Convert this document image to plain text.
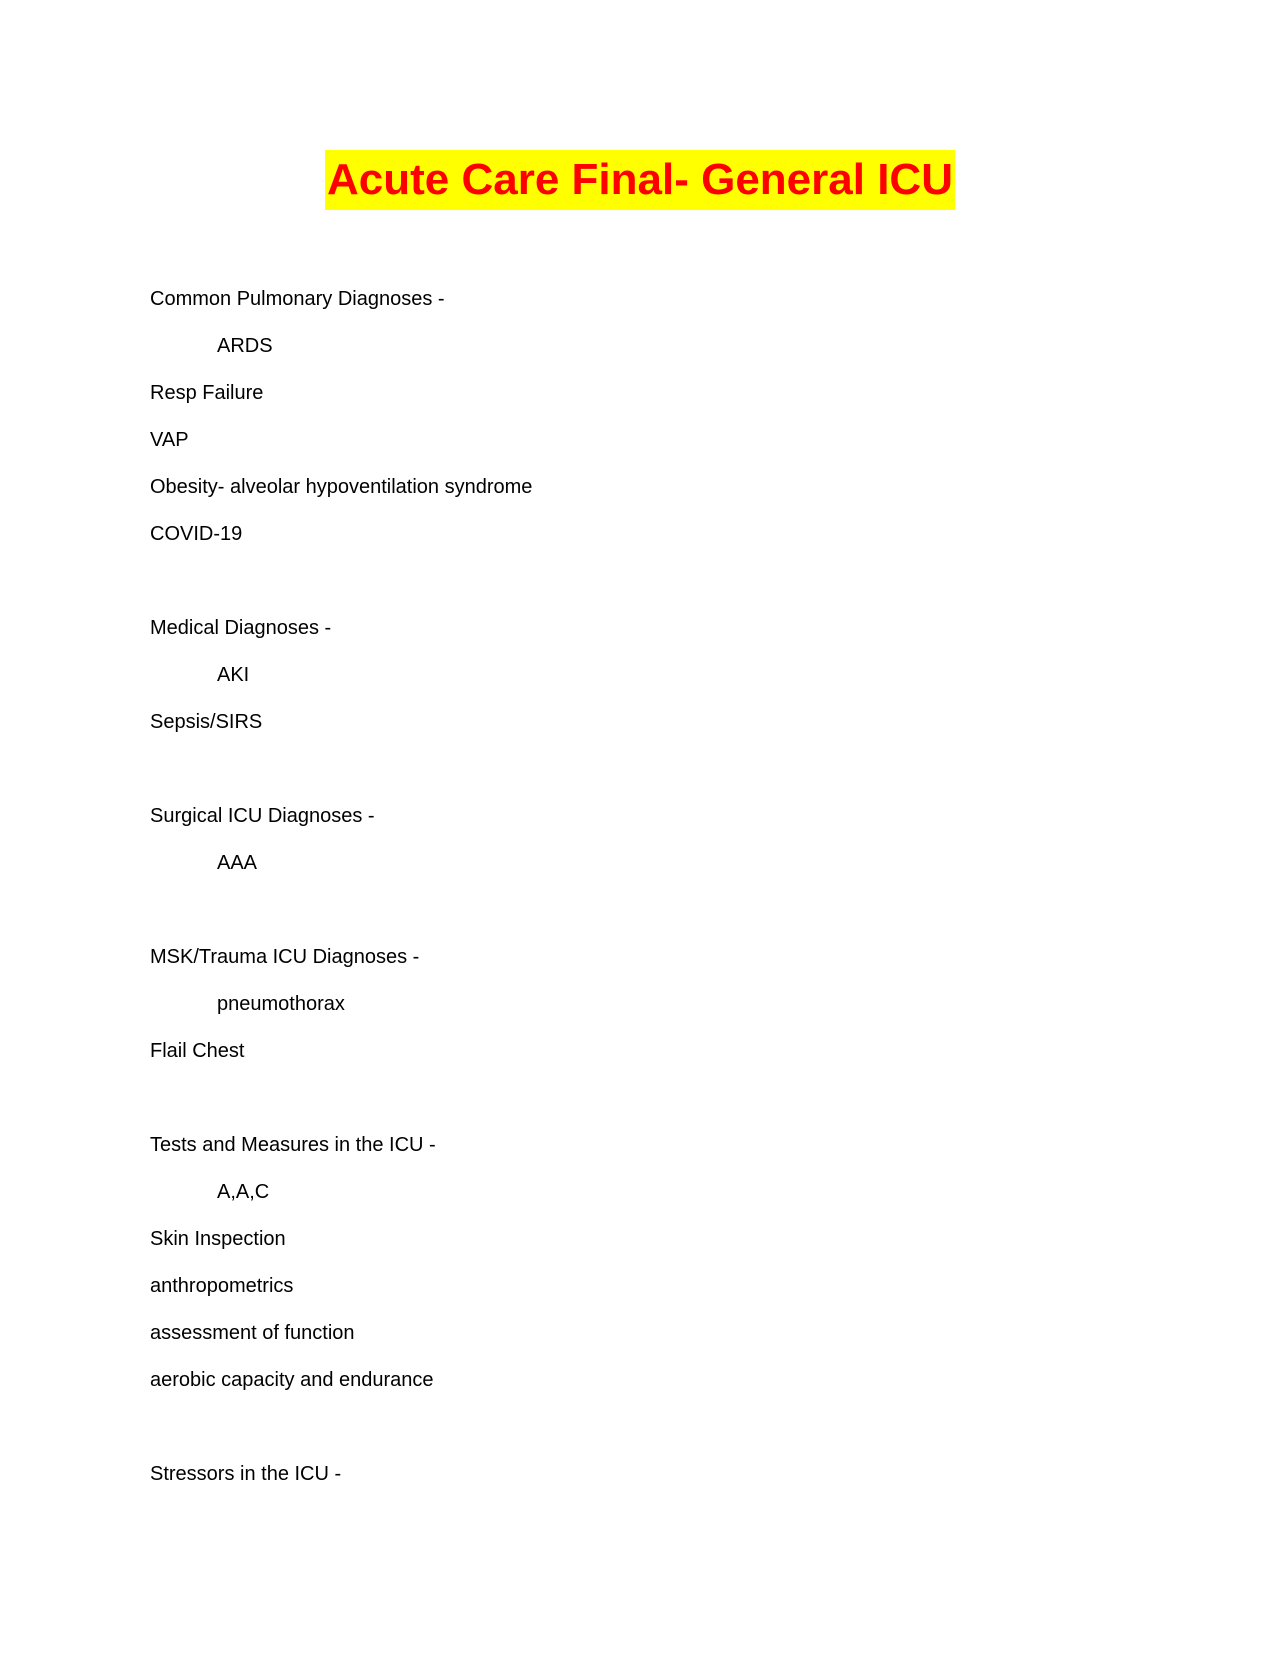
Acute Care Final- General ICU
Common Pulmonary Diagnoses -
ARDS
Resp Failure
VAP
Obesity- alveolar hypoventilation syndrome
COVID-19
Medical Diagnoses -
AKI
Sepsis/SIRS
Surgical ICU Diagnoses -
AAA
MSK/Trauma ICU Diagnoses -
pneumothorax
Flail Chest
Tests and Measures in the ICU -
A,A,C
Skin Inspection
anthropometrics
assessment of function
aerobic capacity and endurance
Stressors in the ICU -
